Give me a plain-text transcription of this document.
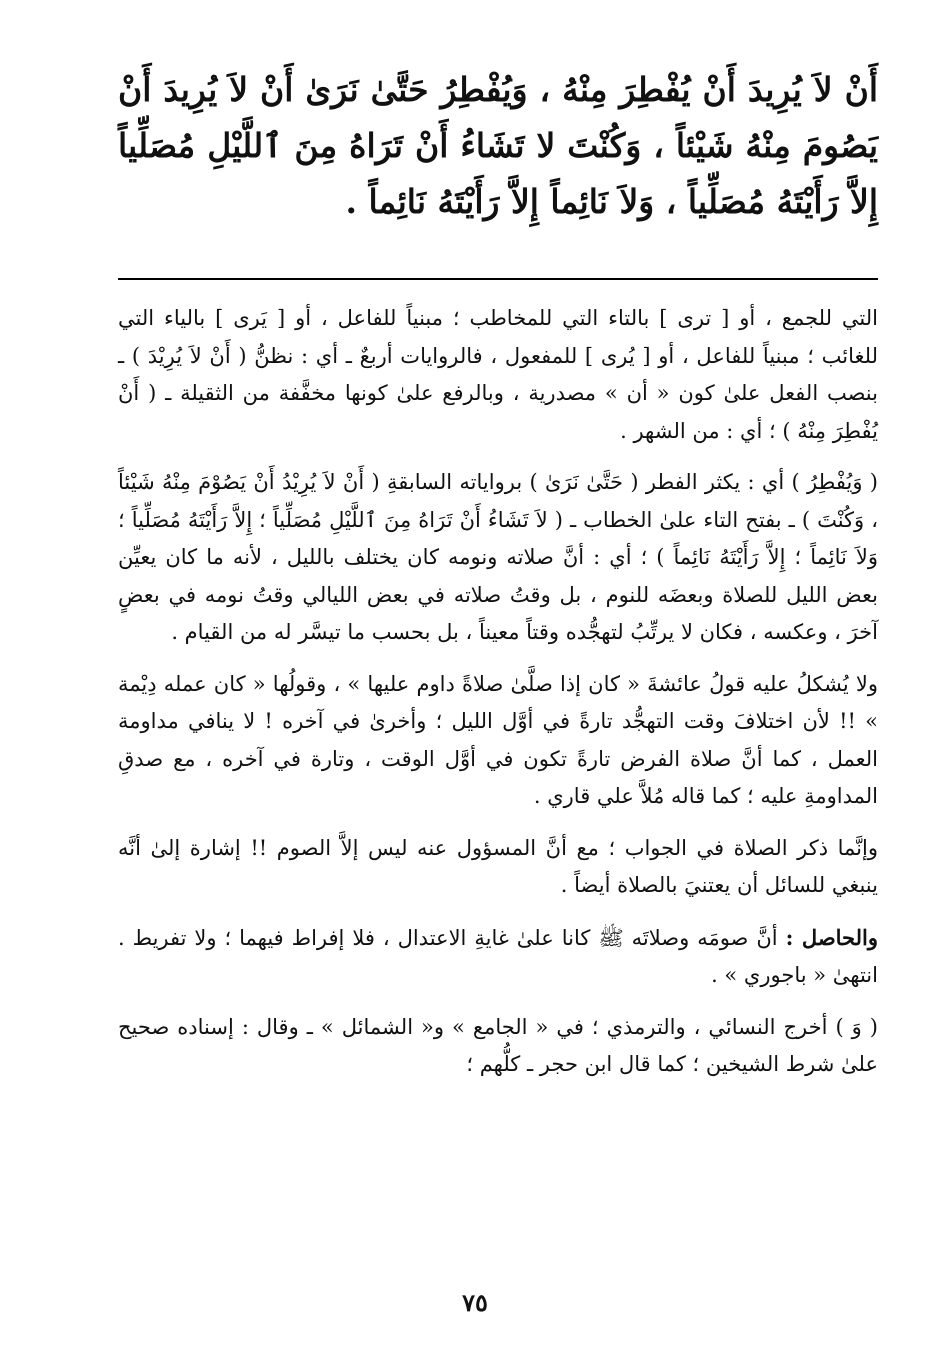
أَنْ لاَ يُرِيدَ أَنْ يُفْطِرَ مِنْهُ ، وَيُفْطِرُ حَتَّىٰ نَرَىٰ أَنْ لاَ يُرِيدَ أَنْ يَصُومَ مِنْهُ شَيْئاً ، وَكُنْتَ لا تَشَاءُ أَنْ تَرَاهُ مِنَ ٱللَّيْلِ مُصَلِّياً إِلاَّ رَأَيْتَهُ مُصَلِّياً ، وَلاَ نَائِماً إِلاَّ رَأَيْتَهُ نَائِماً .

التي للجمع ، أو [ ترى ] بالتاء التي للمخاطب ؛ مبنياً للفاعل ، أو [ يَرى ] بالياء التي للغائب ؛ مبنياً للفاعل ، أو [ يُرى ] للمفعول ، فالروايات أربعٌ ـ أي : نظنُّ ( أَنْ لاَ يُرِيْدَ ) ـ بنصب الفعل علىٰ كون « أن » مصدرية ، وبالرفع علىٰ كونها مخفَّفة من الثقيلة ـ ( أَنْ يُفْطِرَ مِنْهُ ) ؛ أي : من الشهر .

( وَيُفْطِرُ ) أي : يكثر الفطر ( حَتَّىٰ نَرَىٰ ) برواياته السابقةِ ( أَنْ لاَ يُرِيْدُ أَنْ يَصُوْمَ مِنْهُ شَيْئاً ، وَكُنْتَ ) ـ بفتح التاء علىٰ الخطاب ـ ( لاَ تَشَاءُ أَنْ تَرَاهُ مِنَ ٱللَّيْلِ مُصَلِّياً ؛ إِلاَّ رَأَيْتَهُ مُصَلِّياً ؛ وَلاَ نَائِماً ؛ إِلاَّ رَأَيْتَهُ نَائِماً ) ؛ أي : أنَّ صلاته ونومه كان يختلف بالليل ، لأنه ما كان يعيِّن بعض الليل للصلاة وبعضَه للنوم ، بل وقتُ صلاته في بعض الليالي وقتُ نومه في بعضٍ آخرَ ، وعكسه ، فكان لا يرتِّبُ لتهجُّده وقتاً معيناً ، بل بحسب ما تيسَّر له من القيام .

ولا يُشكلُ عليه قولُ عائشةَ « كان إذا صلَّىٰ صلاةً داوم عليها » ، وقولُها « كان عمله دِيْمة » !! لأن اختلافَ وقت التهجُّد تارةً في أوَّل الليل ؛ وأخرىٰ في آخره ! لا ينافي مداومة العمل ، كما أنَّ صلاة الفرض تارةً تكون في أوَّل الوقت ، وتارة في آخره ، مع صدقِ المداومةِ عليه ؛ كما قاله مُلاَّ علي قاري .

وإنَّما ذكر الصلاة في الجواب ؛ مع أنَّ المسؤول عنه ليس إلاَّ الصوم !! إشارة إلىٰ أنَّه ينبغي للسائل أن يعتنيَ بالصلاة أيضاً .

والحاصل : أنَّ صومَه وصلاتَه ﷺ كانا علىٰ غايةِ الاعتدال ، فلا إفراط فيهما ؛ ولا تفريط . انتهىٰ « باجوري » .

( وَ ) أخرج النسائي ، والترمذي ؛ في « الجامع » و« الشمائل » ـ وقال : إسناده صحيح علىٰ شرط الشيخين ؛ كما قال ابن حجر ـ كلُّهم ؛

٧٥
